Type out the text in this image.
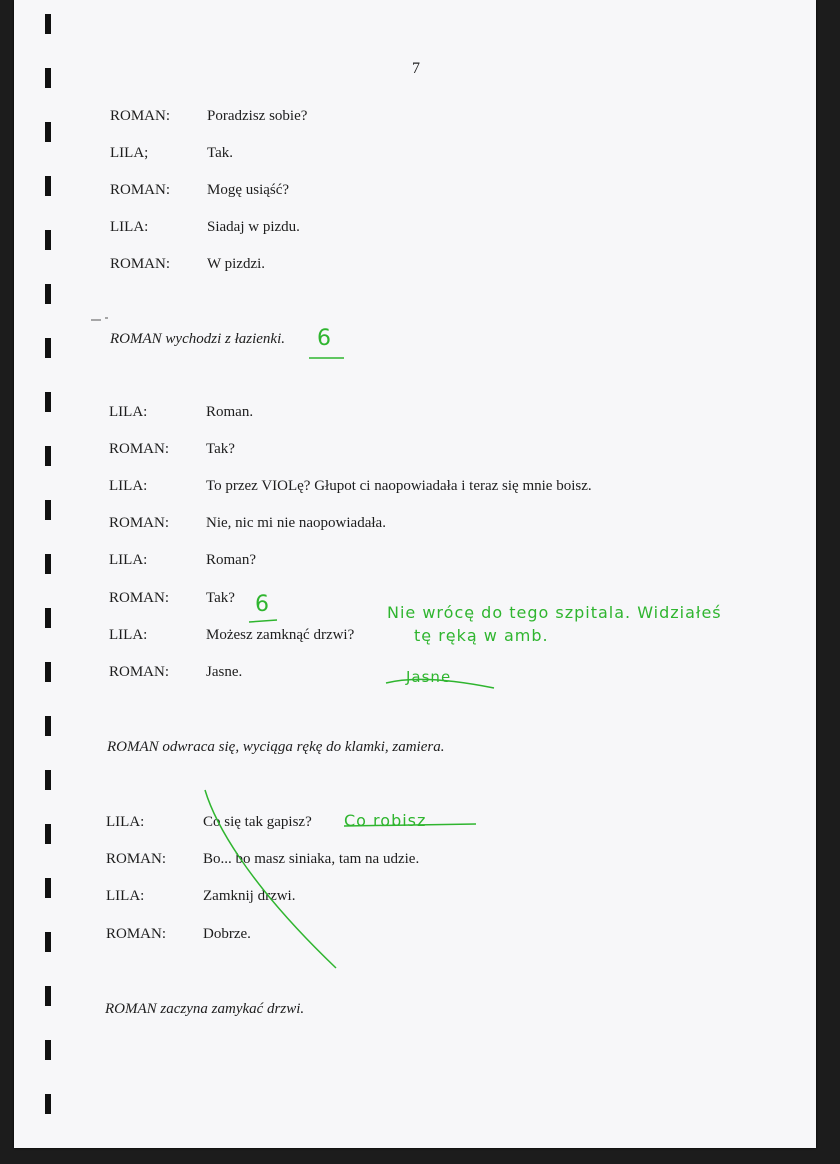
7
ROMAN: Poradzisz sobie?
LILA;	Tak.
ROMAN: Mogę usiąść?
LILA:	Siadaj w pizdu.
ROMAN: W pizdzi.
ROMAN wychodzi z łazienki.
LILA:	Roman.
ROMAN: Tak?
LILA:	To przez VIOLę? Głupot ci naopowiadała i teraz się mnie boisz.
ROMAN: Nie, nic mi nie naopowiadała.
LILA:	Roman?
ROMAN: Tak?
LILA:	Możesz zamknąć drzwi?
ROMAN: Jasne.
ROMAN odwraca się, wyciąga rękę do klamki, zamiera.
LILA:	Co się tak gapisz?
ROMAN: Bo... bo masz siniaka, tam na udzie.
LILA:	Zamknij drzwi.
ROMAN: Dobrze.
ROMAN zaczyna zamykać drzwi.
6
6	Nie wrócę do tego szpitala. Widziałeś
tę ręką w amb.
Jasne
Co robisz
